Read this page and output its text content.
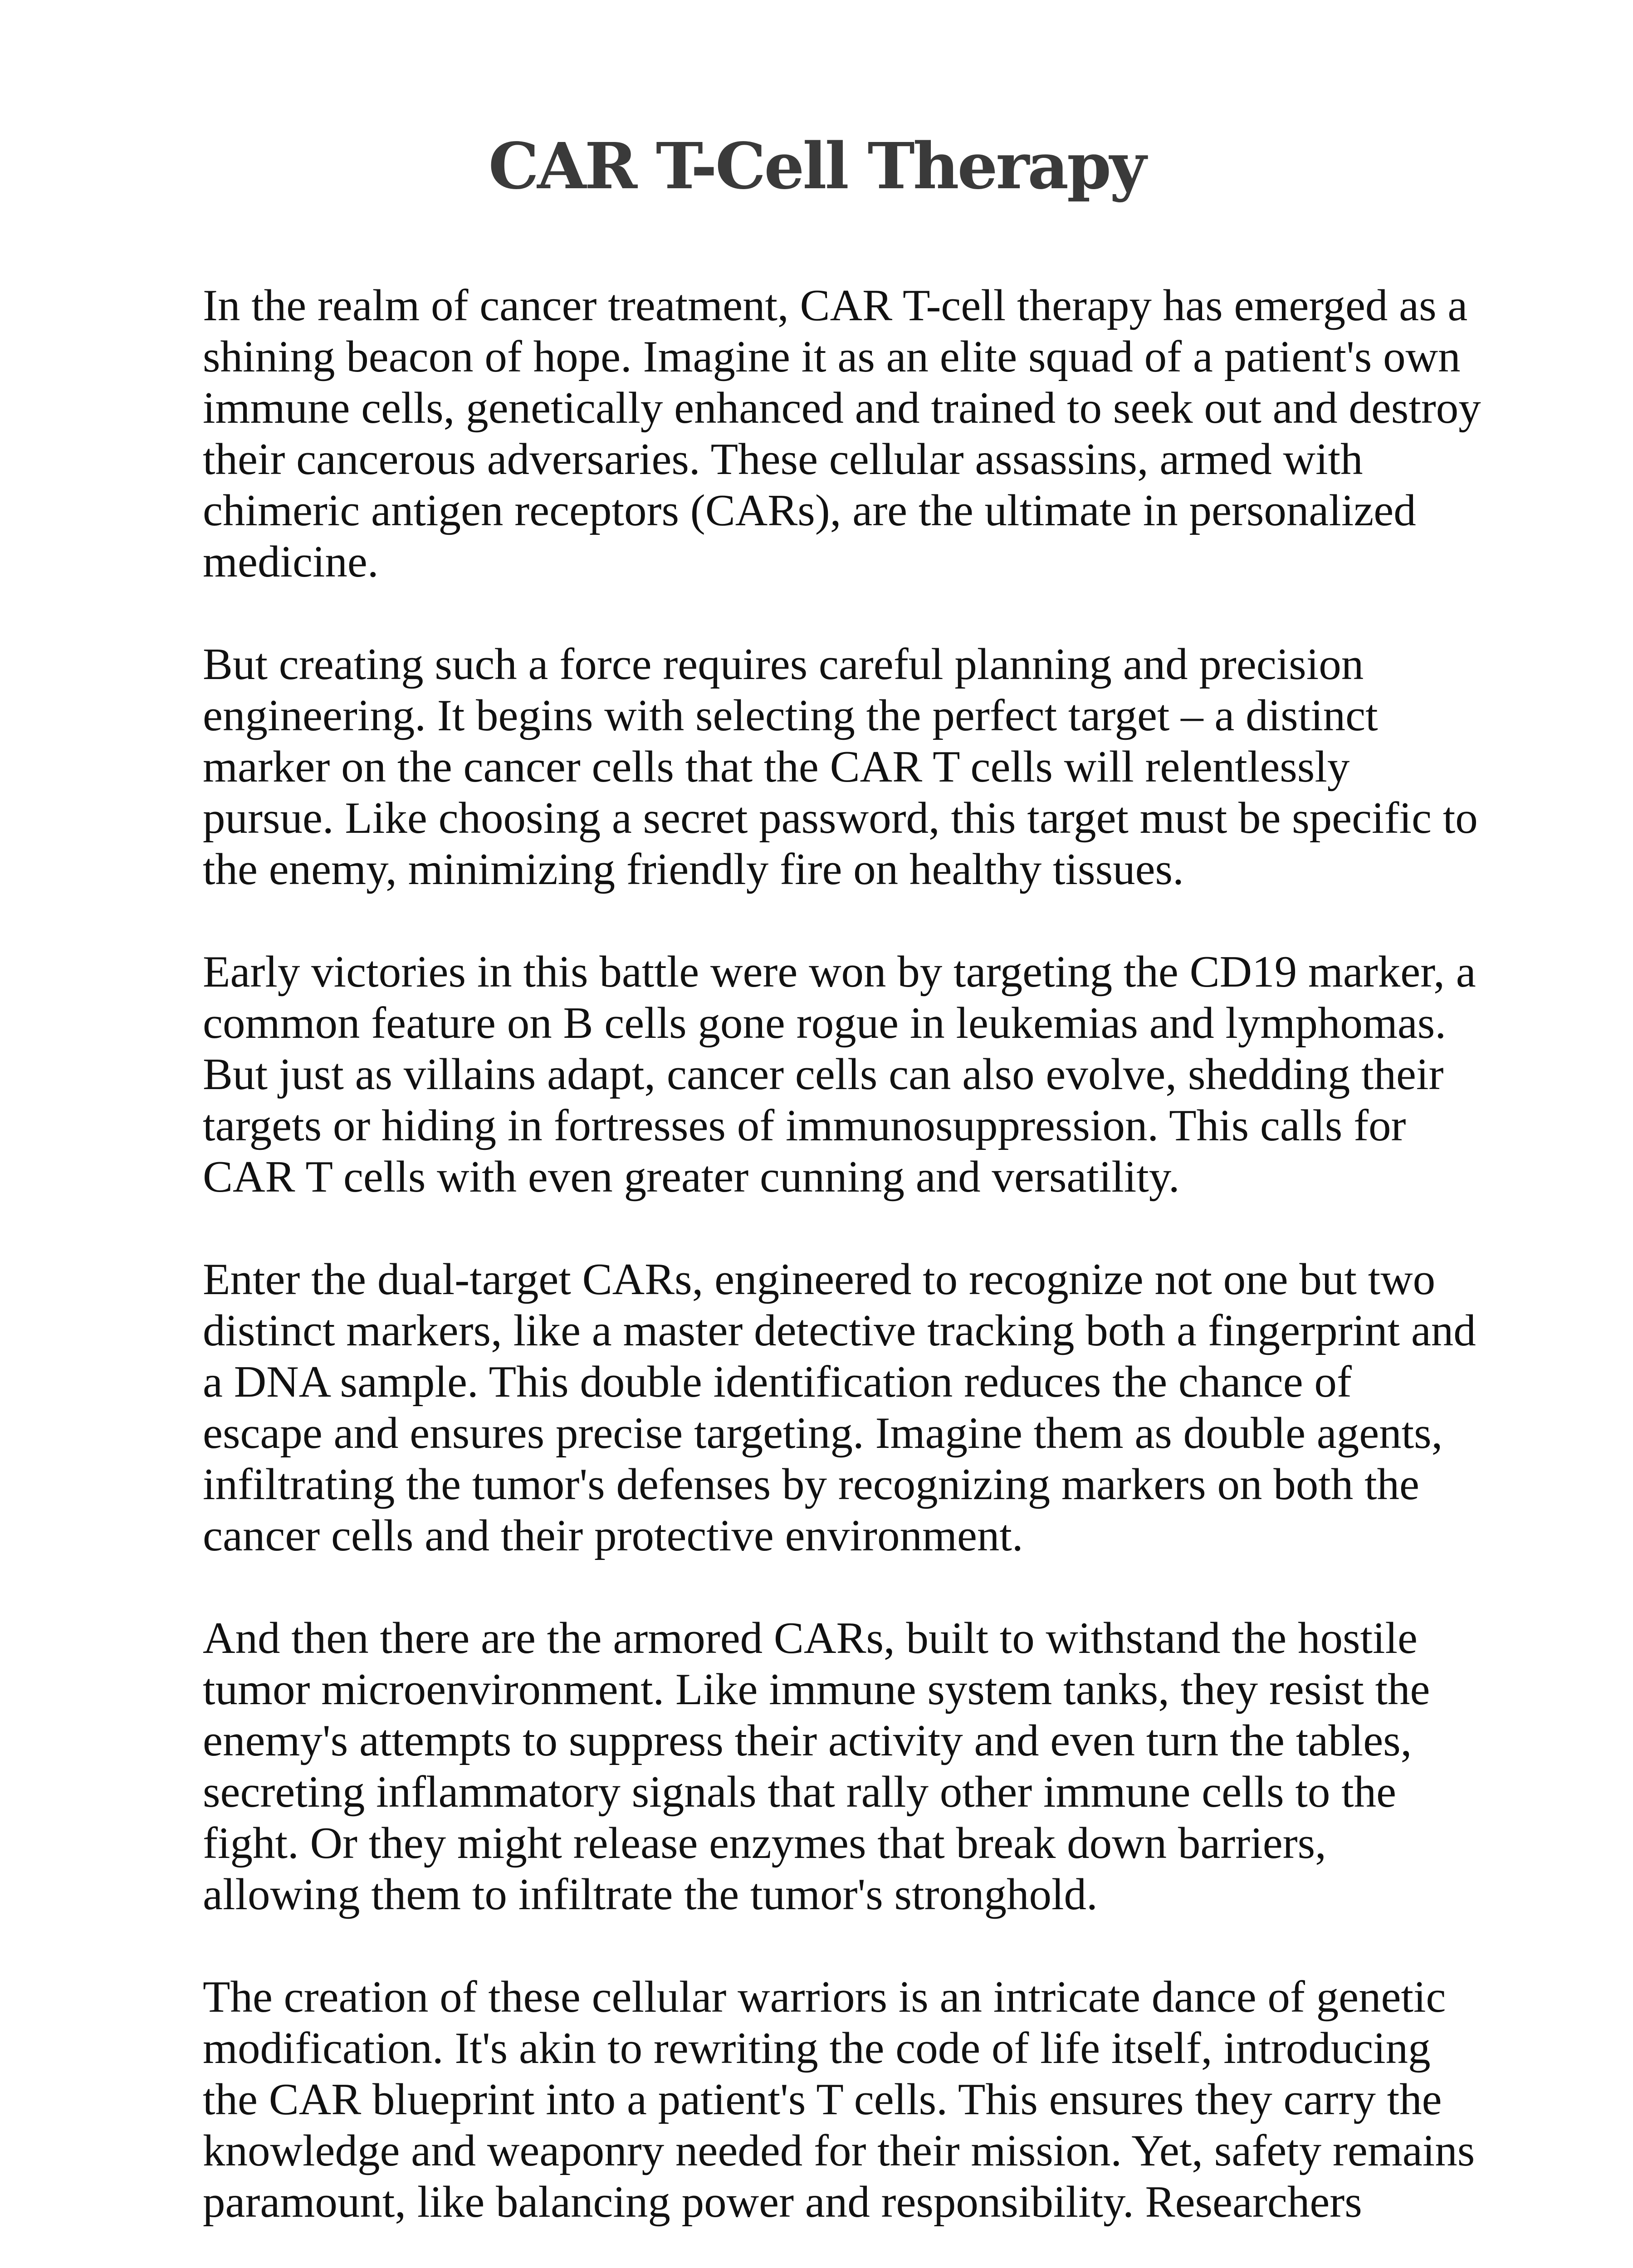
CAR T-Cell Therapy

In the realm of cancer treatment, CAR T-cell therapy has emerged as a
shining beacon of hope. Imagine it as an elite squad of a patient's own
immune cells, genetically enhanced and trained to seek out and destroy
their cancerous adversaries. These cellular assassins, armed with
chimeric antigen receptors (CARs), are the ultimate in personalized
medicine.

But creating such a force requires careful planning and precision
engineering. It begins with selecting the perfect target – a distinct
marker on the cancer cells that the CAR T cells will relentlessly
pursue. Like choosing a secret password, this target must be specific to
the enemy, minimizing friendly fire on healthy tissues.

Early victories in this battle were won by targeting the CD19 marker, a
common feature on B cells gone rogue in leukemias and lymphomas.
But just as villains adapt, cancer cells can also evolve, shedding their
targets or hiding in fortresses of immunosuppression. This calls for
CAR T cells with even greater cunning and versatility.

Enter the dual-target CARs, engineered to recognize not one but two
distinct markers, like a master detective tracking both a fingerprint and
a DNA sample. This double identification reduces the chance of
escape and ensures precise targeting. Imagine them as double agents,
infiltrating the tumor's defenses by recognizing markers on both the
cancer cells and their protective environment.

And then there are the armored CARs, built to withstand the hostile
tumor microenvironment. Like immune system tanks, they resist the
enemy's attempts to suppress their activity and even turn the tables,
secreting inflammatory signals that rally other immune cells to the
fight. Or they might release enzymes that break down barriers,
allowing them to infiltrate the tumor's stronghold.

The creation of these cellular warriors is an intricate dance of genetic
modification. It's akin to rewriting the code of life itself, introducing
the CAR blueprint into a patient's T cells. This ensures they carry the
knowledge and weaponry needed for their mission. Yet, safety remains
paramount, like balancing power and responsibility. Researchers
